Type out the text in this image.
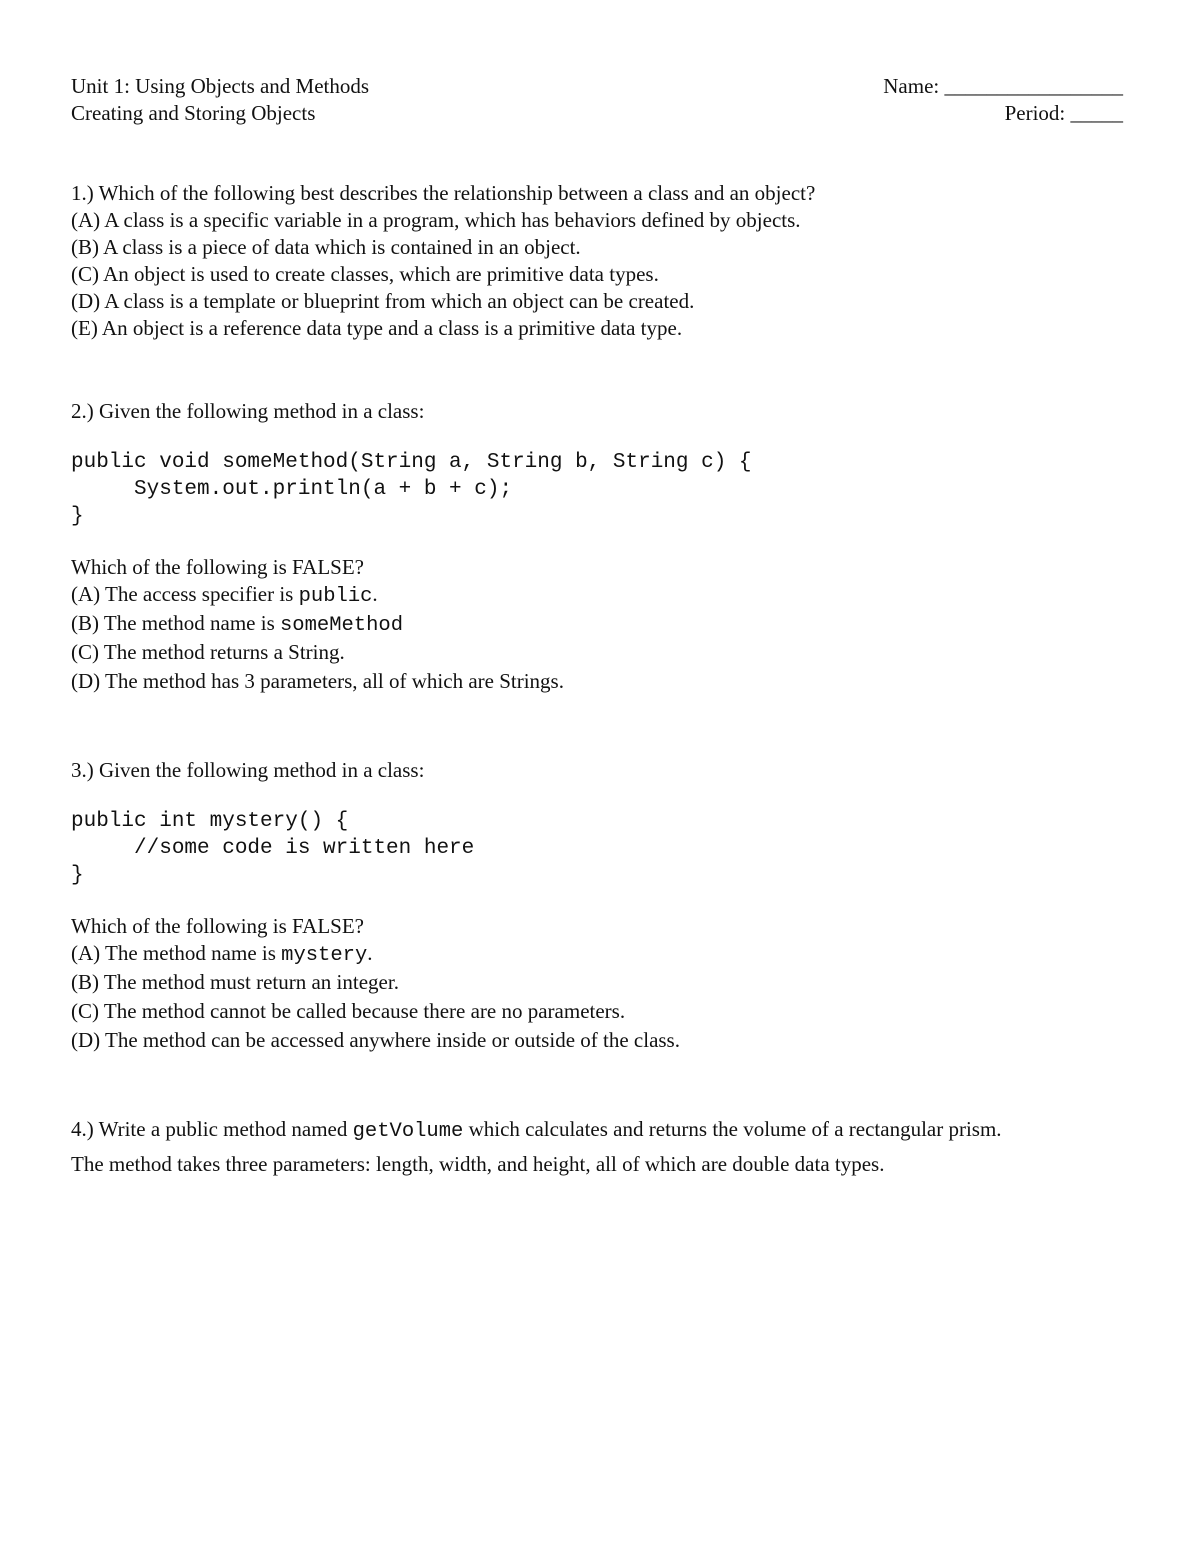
Unit 1: Using Objects and Methods
Creating and Storing Objects
Name: _________________
Period: _____
1.) Which of the following best describes the relationship between a class and an object?
(A) A class is a specific variable in a program, which has behaviors defined by objects.
(B) A class is a piece of data which is contained in an object.
(C) An object is used to create classes, which are primitive data types.
(D) A class is a template or blueprint from which an object can be created.
(E) An object is a reference data type and a class is a primitive data type.
2.) Given the following method in a class:
public void someMethod(String a, String b, String c) {
System.out.println(a + b + c);
}
Which of the following is FALSE?
(A) The access specifier is public.
(B) The method name is someMethod
(C) The method returns a String.
(D) The method has 3 parameters, all of which are Strings.
3.) Given the following method in a class:
public int mystery() {
//some code is written here
}
Which of the following is FALSE?
(A) The method name is mystery.
(B) The method must return an integer.
(C) The method cannot be called because there are no parameters.
(D) The method can be accessed anywhere inside or outside of the class.
4.) Write a public method named getVolume which calculates and returns the volume of a rectangular prism.
The method takes three parameters: length, width, and height, all of which are double data types.
